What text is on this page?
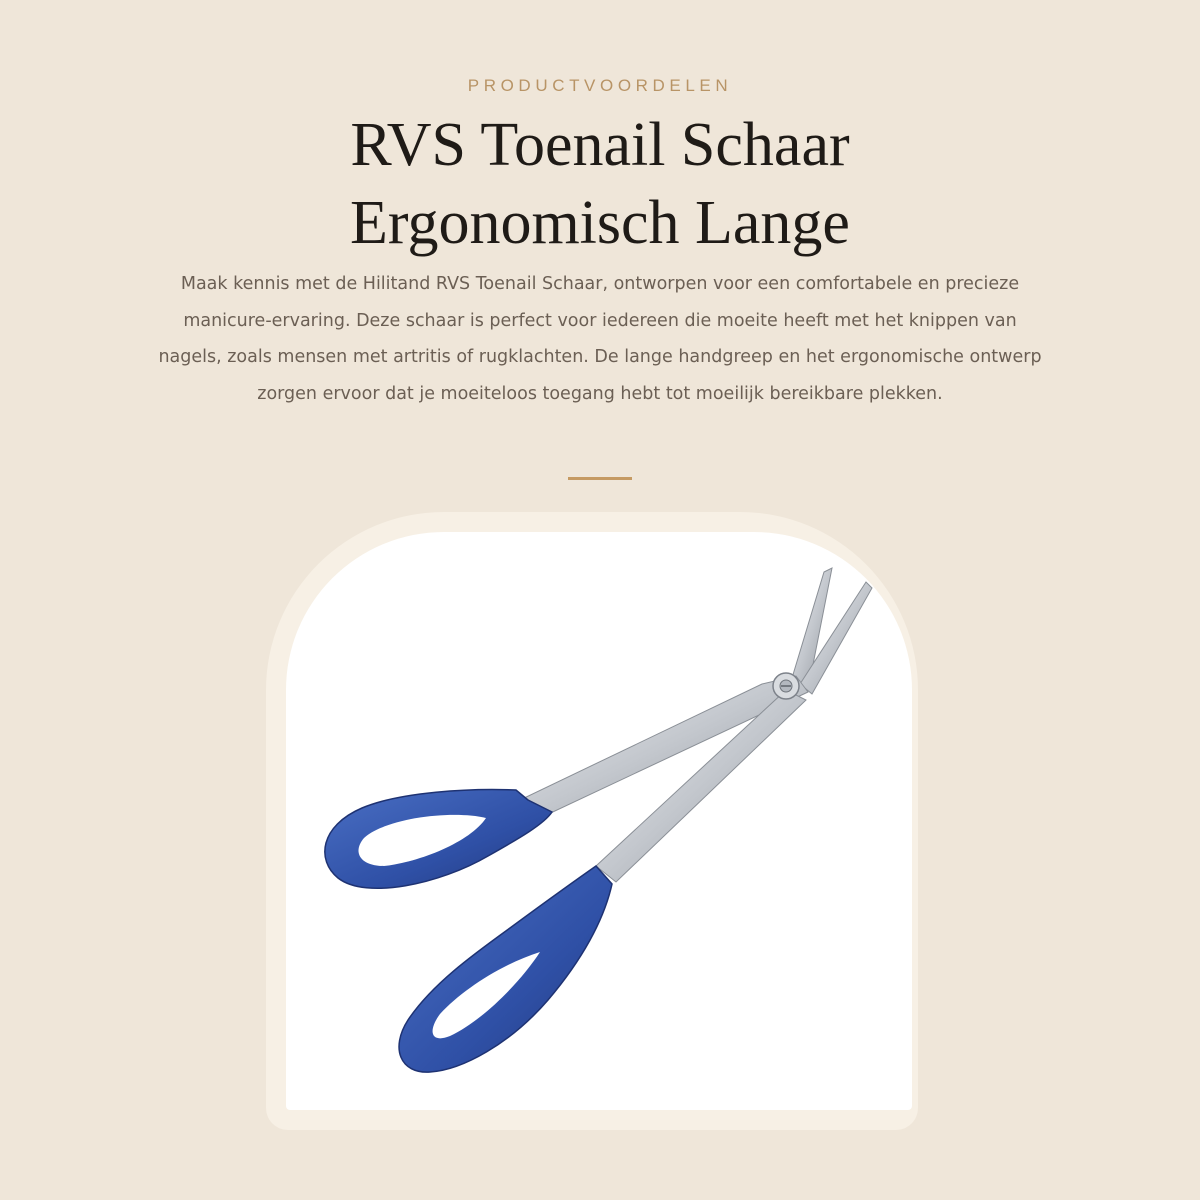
PRODUCTVOORDELEN
RVS Toenail Schaar
Ergonomisch Lange

Maak kennis met de Hilitand RVS Toenail Schaar, ontworpen voor een comfortabele en precieze manicure-ervaring. Deze schaar is perfect voor iedereen die moeite heeft met het knippen van nagels, zoals mensen met artritis of rugklachten. De lange handgreep en het ergonomische ontwerp zorgen ervoor dat je moeiteloos toegang hebt tot moeilijk bereikbare plekken.
